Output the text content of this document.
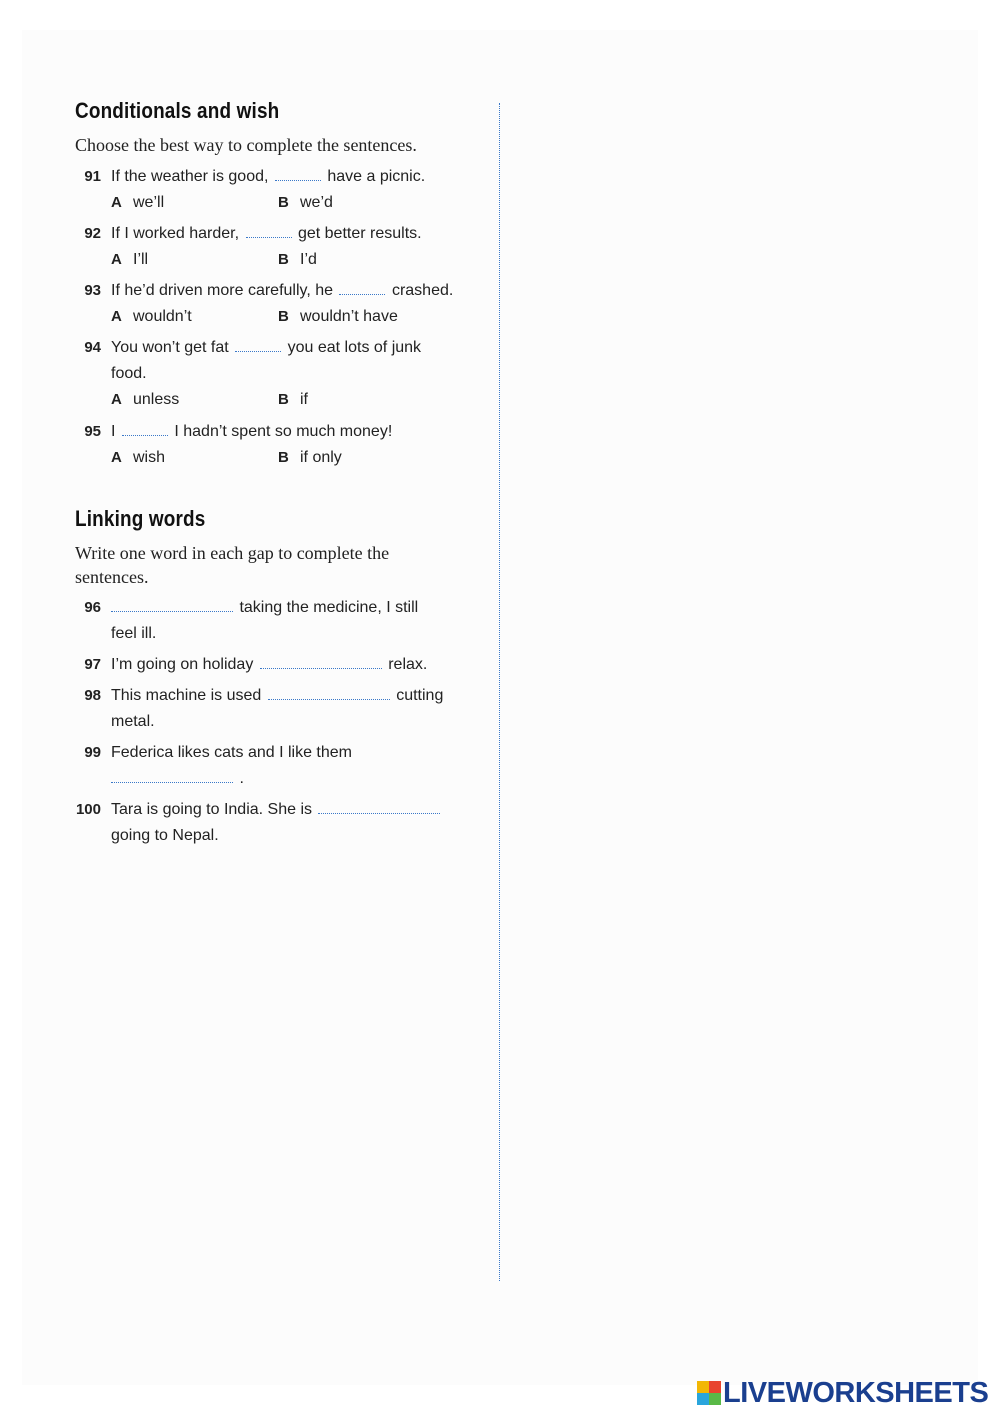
Conditionals and wish

Choose the best way to complete the sentences.

91 If the weather is good,	have a picnic.
A we’ll	B we’d
92 If I worked harder,	get better results.
A I’ll	B I’d
93 If he’d driven more carefully, he	crashed.
A wouldn’t	B wouldn’t have
94 You won’t get fat	you eat lots of junk
food.
A unless	B if
95 I	I hadn’t spent so much money!
A wish	B if only
Linking words

Write one word in each gap to complete the sentences.

96	taking the medicine, I still
feel ill.
97 I’m going on holiday	relax.
98 This machine is used	cutting
metal.
99 Federica likes cats and I like them
.
100 Tara is going to India. She is
going to Nepal.
LIVEWORKSHEETS
